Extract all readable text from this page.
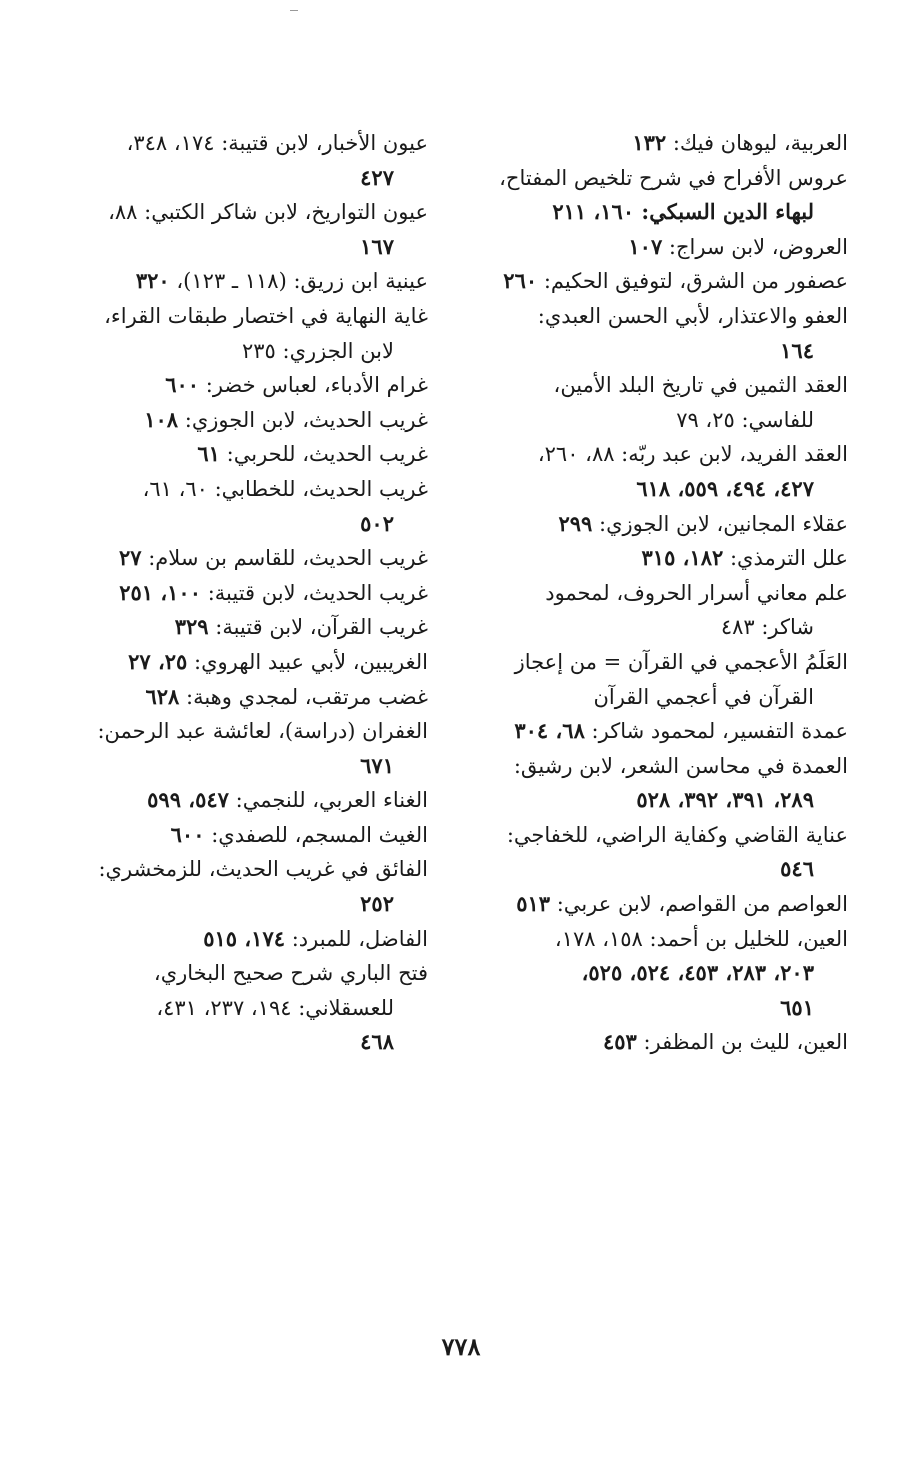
العربية، ليوهان فيك: ١٣٢
عروس الأفراح في شرح تلخيص المفتاح،
لبهاء الدين السبكي: ١٦٠، ٢١١
العروض، لابن سراج: ١٠٧
عصفور من الشرق، لتوفيق الحكيم: ٢٦٠
العفو والاعتذار، لأبي الحسن العبدي:
١٦٤
العقد الثمين في تاريخ البلد الأمين،
للفاسي: ٢٥، ٧٩
العقد الفريد، لابن عبد ربّه: ٨٨، ٢٦٠،
٤٢٧، ٤٩٤، ٥٥٩، ٦١٨
عقلاء المجانين، لابن الجوزي: ٢٩٩
علل الترمذي: ١٨٢، ٣١٥
علم معاني أسرار الحروف، لمحمود
شاكر: ٤٨٣
العَلَمُ الأعجمي في القرآن = من إعجاز
القرآن في أعجمي القرآن
عمدة التفسير، لمحمود شاكر: ٦٨، ٣٠٤
العمدة في محاسن الشعر، لابن رشيق:
٢٨٩، ٣٩١، ٣٩٢، ٥٢٨
عناية القاضي وكفاية الراضي، للخفاجي:
٥٤٦
العواصم من القواصم، لابن عربي: ٥١٣
العين، للخليل بن أحمد: ١٥٨، ١٧٨،
٢٠٣، ٢٨٣، ٤٥٣، ٥٢٤، ٥٢٥،
٦٥١
العين، لليث بن المظفر: ٤٥٣
عيون الأخبار، لابن قتيبة: ١٧٤، ٣٤٨،
٤٢٧
عيون التواريخ، لابن شاكر الكتبي: ٨٨،
١٦٧
عينية ابن زريق: (١١٨ ـ ١٢٣)، ٣٢٠
غاية النهاية في اختصار طبقات القراء،
لابن الجزري: ٢٣٥
غرام الأدباء، لعباس خضر: ٦٠٠
غريب الحديث، لابن الجوزي: ١٠٨
غريب الحديث، للحربي: ٦١
غريب الحديث، للخطابي: ٦٠، ٦١،
٥٠٢
غريب الحديث، للقاسم بن سلام: ٢٧
غريب الحديث، لابن قتيبة: ١٠٠، ٢٥١
غريب القرآن، لابن قتيبة: ٣٢٩
الغريبين، لأبي عبيد الهروي: ٢٥، ٢٧
غضب مرتقب، لمجدي وهبة: ٦٢٨
الغفران (دراسة)، لعائشة عبد الرحمن:
٦٧١
الغناء العربي، للنجمي: ٥٤٧، ٥٩٩
الغيث المسجم، للصفدي: ٦٠٠
الفائق في غريب الحديث، للزمخشري:
٢٥٢
الفاضل، للمبرد: ١٧٤، ٥١٥
فتح الباري شرح صحيح البخاري،
للعسقلاني: ١٩٤، ٢٣٧، ٤٣١،
٤٦٨
٧٧٨
